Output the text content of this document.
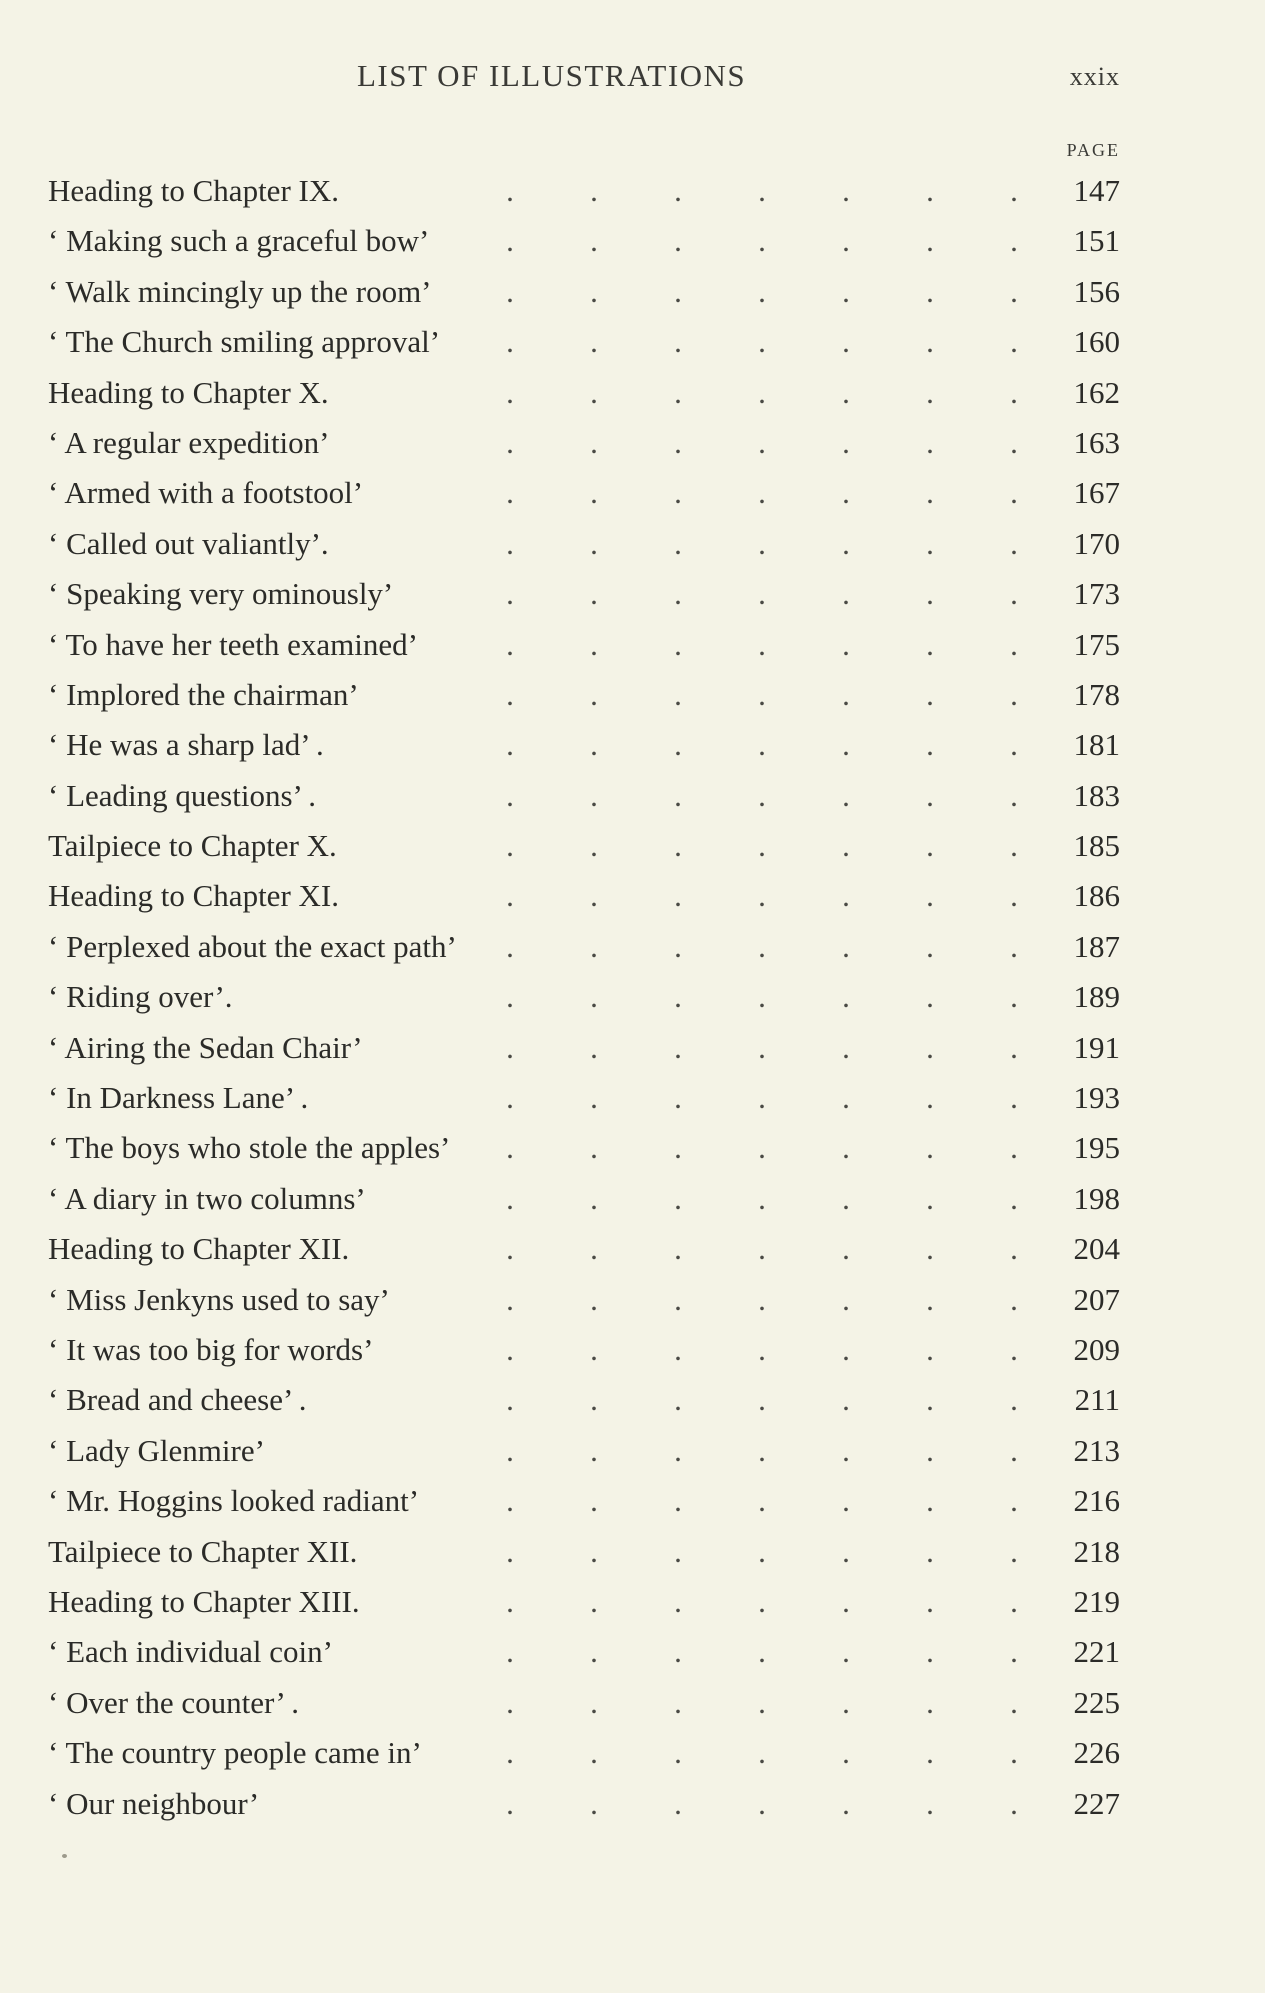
LIST OF ILLUSTRATIONS	xxix
PAGE
Heading to Chapter IX.	. . . . . . .	147
‘ Making such a graceful bow’	. . . . . . .	151
‘ Walk mincingly up the room’	. . . . . . .	156
‘ The Church smiling approval’	. . . . . . .	160
Heading to Chapter X.	. . . . . . .	162
‘ A regular expedition’	. . . . . . .	163
‘ Armed with a footstool’	. . . . . . .	167
‘ Called out valiantly’.	. . . . . . .	170
‘ Speaking very ominously’	. . . . . . .	173
‘ To have her teeth examined’	. . . . . . .	175
‘ Implored the chairman’	. . . . . . .	178
‘ He was a sharp lad’ .	. . . . . . .	181
‘ Leading questions’ .	. . . . . . .	183
Tailpiece to Chapter X.	. . . . . . .	185
Heading to Chapter XI.	. . . . . . .	186
‘ Perplexed about the exact path’	. . . . . . .	187
‘ Riding over’.	. . . . . . .	189
‘ Airing the Sedan Chair’	. . . . . . .	191
‘ In Darkness Lane’ .	. . . . . . .	193
‘ The boys who stole the apples’	. . . . . . .	195
‘ A diary in two columns’	. . . . . . .	198
Heading to Chapter XII.	. . . . . . .	204
‘ Miss Jenkyns used to say’	. . . . . . .	207
‘ It was too big for words’	. . . . . . .	209
‘ Bread and cheese’ .	. . . . . . .	211
‘ Lady Glenmire’	. . . . . . .	213
‘ Mr. Hoggins looked radiant’	. . . . . . .	216
Tailpiece to Chapter XII.	. . . . . . .	218
Heading to Chapter XIII.	. . . . . . .	219
‘ Each individual coin’	. . . . . . .	221
‘ Over the counter’ .	. . . . . . .	225
‘ The country people came in’	. . . . . . .	226
‘ Our neighbour’	. . . . . . .	227
